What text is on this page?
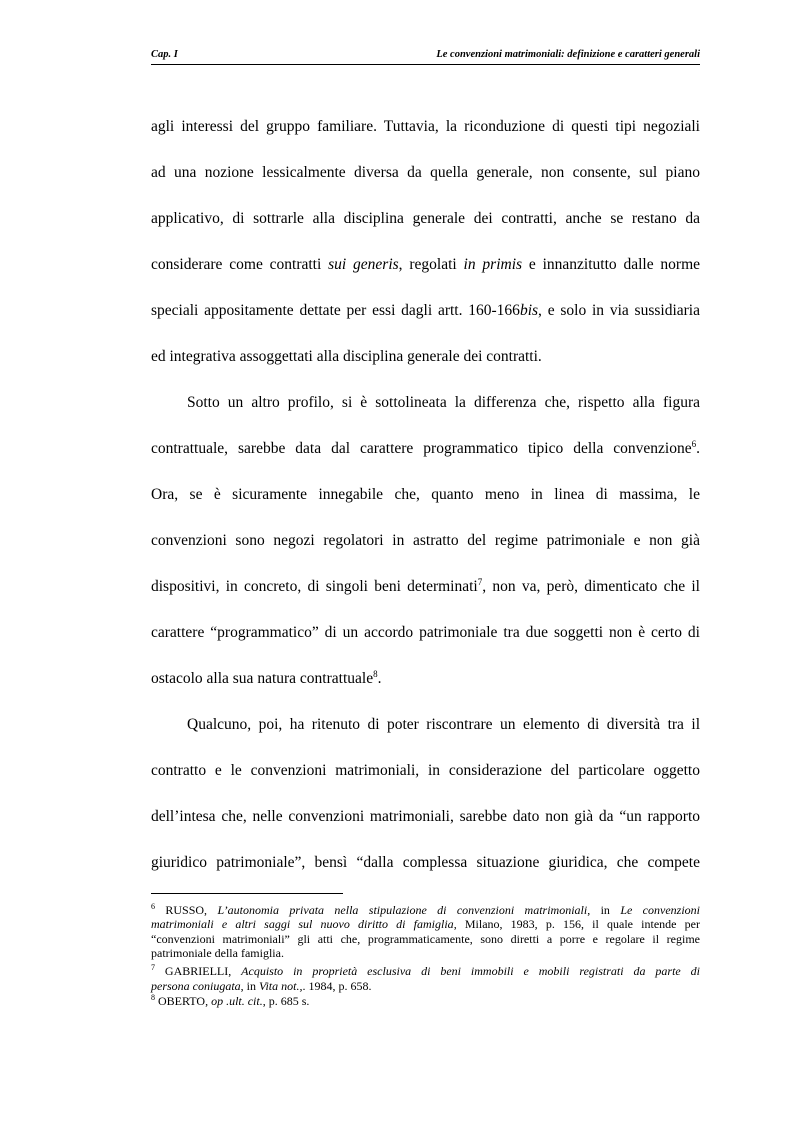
Cap. I	Le convenzioni matrimoniali: definizione e caratteri generali
agli interessi del gruppo familiare. Tuttavia, la riconduzione di questi tipi negoziali
ad una nozione lessicalmente diversa da quella generale, non consente, sul piano
applicativo, di sottrarle alla disciplina generale dei contratti, anche se restano da
considerare come contratti sui generis, regolati in primis e innanzitutto dalle norme
speciali appositamente dettate per essi dagli artt. 160-166bis, e solo in via sussidiaria
ed integrativa assoggettati alla disciplina generale dei contratti.
Sotto un altro profilo, si è sottolineata la differenza che, rispetto alla figura
contrattuale, sarebbe data dal carattere programmatico tipico della convenzione$^6$.
Ora, se è sicuramente innegabile che, quanto meno in linea di massima, le
convenzioni sono negozi regolatori in astratto del regime patrimoniale e non già
dispositivi, in concreto, di singoli beni determinati$^7$, non va, però, dimenticato che il
carattere “programmatico” di un accordo patrimoniale tra due soggetti non è certo di
ostacolo alla sua natura contrattuale$^8$.
Qualcuno, poi, ha ritenuto di poter riscontrare un elemento di diversità tra il
contratto e le convenzioni matrimoniali, in considerazione del particolare oggetto
dell’intesa che, nelle convenzioni matrimoniali, sarebbe dato non già da “un rapporto
giuridico patrimoniale”, bensì “dalla complessa situazione giuridica, che compete
$^6$ RUSSO, L’autonomia privata nella stipulazione di convenzioni matrimoniali, in Le convenzioni
matrimoniali e altri saggi sul nuovo diritto di famiglia, Milano, 1983, p. 156, il quale intende per
“convenzioni matrimoniali” gli atti che, programmaticamente, sono diretti a porre e regolare il regime
patrimoniale della famiglia.
$^7$ GABRIELLI, Acquisto in proprietà esclusiva di beni immobili e mobili registrati da parte di
persona coniugata, in Vita not.,. 1984, p. 658.
$^8$ OBERTO, op .ult. cit., p. 685 s.
